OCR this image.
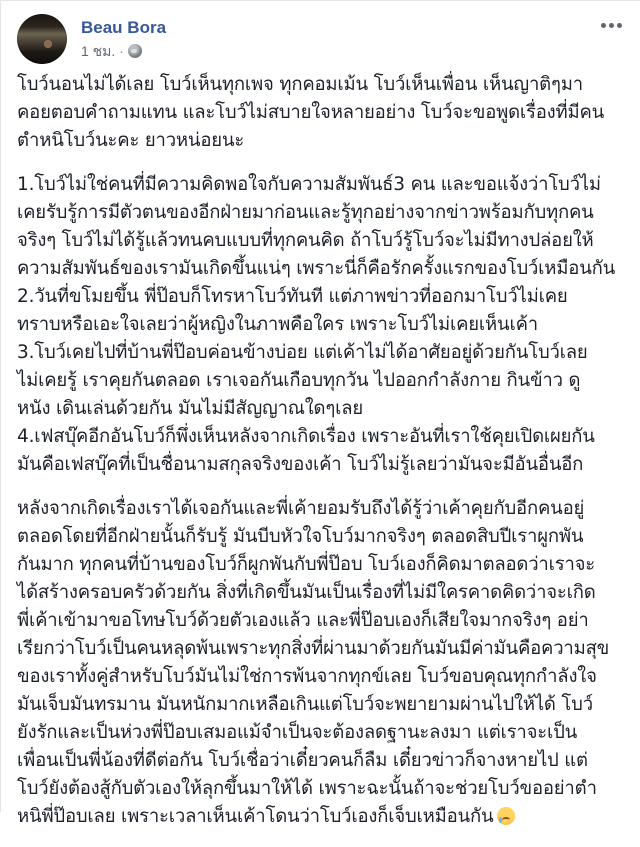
Beau Bora
1 ชม. ·
โบว์นอนไม่ได้เลย โบว์เห็นทุกเพจ ทุกคอมเม้น โบว์เห็นเพื่อน เห็นญาติๆมา
คอยตอบคำถามแทน และโบว์ไม่สบายใจหลายอย่าง โบว์จะขอพูดเรื่องที่มีคน
ตำหนิโบว์นะคะ ยาวหน่อยนะ
1.โบว์ไม่ใช่คนที่มีความคิดพอใจกับความสัมพันธ์3 คน และขอแจ้งว่าโบว์ไม่
เคยรับรู้การมีตัวตนของอีกฝ่ายมาก่อนและรู้ทุกอย่างจากข่าวพร้อมกับทุกคน
จริงๆ โบว์ไม่ได้รู้แล้วทนคบแบบที่ทุกคนคิด ถ้าโบว์รู้โบว์จะไม่มีทางปล่อยให้
ความสัมพันธ์ของเรามันเกิดขึ้นแน่ๆ เพราะนี่ก็คือรักครั้งแรกของโบว์เหมือนกัน
2.วันที่ขโมยขึ้น พี่ป๊อบก็โทรหาโบว์ทันที แต่ภาพข่าวที่ออกมาโบว์ไม่เคย
ทราบหรือเอะใจเลยว่าผู้หญิงในภาพคือใคร เพราะโบว์ไม่เคยเห็นเค้า
3.โบว์เคยไปที่บ้านพี่ป๊อบค่อนข้างบ่อย แต่เค้าไม่ได้อาศัยอยู่ด้วยกันโบว์เลย
ไม่เคยรู้ เราคุยกันตลอด เราเจอกันเกือบทุกวัน ไปออกกำลังกาย กินข้าว ดู
หนัง เดินเล่นด้วยกัน มันไม่มีสัญญาณใดๆเลย
4.เฟสบุ๊คอีกอันโบว์ก็พึ่งเห็นหลังจากเกิดเรื่อง เพราะอันที่เราใช้คุยเปิดเผยกัน
มันคือเฟสบุ๊คที่เป็นชื่อนามสกุลจริงของเค้า โบว์ไม่รู้เลยว่ามันจะมีอันอื่นอีก
หลังจากเกิดเรื่องเราได้เจอกันและพี่เค้ายอมรับถึงได้รู้ว่าเค้าคุยกับอีกคนอยู่
ตลอดโดยที่อีกฝ่ายนั้นก็รับรู้ มันบีบหัวใจโบว์มากจริงๆ ตลอดสิบปีเราผูกพัน
กันมาก ทุกคนที่บ้านของโบว์ก็ผูกพันกับพี่ป๊อบ โบว์เองก็คิดมาตลอดว่าเราจะ
ได้สร้างครอบครัวด้วยกัน สิ่งที่เกิดขึ้นมันเป็นเรื่องที่ไม่มีใครคาดคิดว่าจะเกิด
พี่เค้าเข้ามาขอโทษโบว์ด้วยตัวเองแล้ว และพี่ป๊อบเองก็เสียใจมากจริงๆ อย่า
เรียกว่าโบว์เป็นคนหลุดพ้นเพราะทุกสิ่งที่ผ่านมาด้วยกันมันมีค่ามันคือความสุข
ของเราทั้งคู่สำหรับโบว์มันไม่ใช่การพ้นจากทุกข์เลย โบว์ขอบคุณทุกกำลังใจ
มันเจ็บมันทรมาน มันหนักมากเหลือเกินแต่โบว์จะพยายามผ่านไปให้ได้ โบว์
ยังรักและเป็นห่วงพี่ป๊อบเสมอแม้จำเป็นจะต้องลดฐานะลงมา แต่เราจะเป็น
เพื่อนเป็นพี่น้องที่ดีต่อกัน โบว์เชื่อว่าเดี๋ยวคนก็ลืม เดี๋ยวข่าวก็จางหายไป แต่
โบว์ยังต้องสู้กับตัวเองให้ลุกขึ้นมาให้ได้ เพราะฉะนั้นถ้าจะช่วยโบว์ขออย่าตำ
หนิพี่ป๊อบเลย เพราะเวลาเห็นเค้าโดนว่าโบว์เองก็เจ็บเหมือนกัน
